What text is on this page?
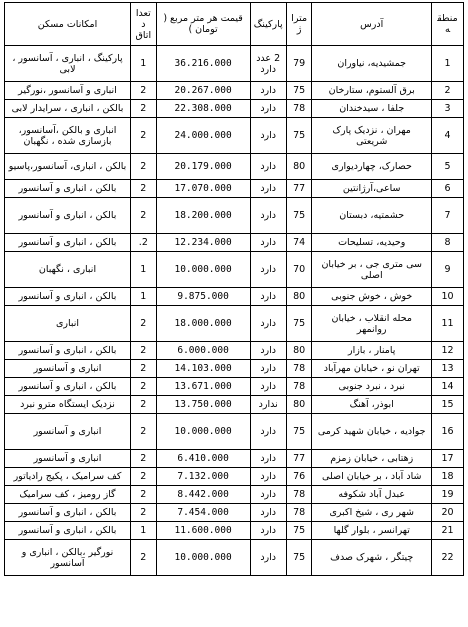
منطقه	آدرس	متراژ	پارکینگ	قیمت هر متر مربع ( تومان )	تعداد اتاق	امکانات مسکن
1	جمشیدیه، نیاوران	79	2 عدد دارد	36.216.000	1	پارکینگ ، انباری ، آسانسور ، لابی
2	برق آلستوم، ستارخان	75	دارد	20.267.000	2	انباری و آسانسور ،نورگیر
3	جلفا ، سیدخندان	78	دارد	22.308.000	2	بالکن ، انباری ، سرایدار لابی
4	مهران ، نزدیک پارک شریعتی	75	دارد	24.000.000	2	انباری و بالکن ،آسانسور، بازسازی شده ، نگهبان
5	حصارک، چهارديواری	80	دارد	20.179.000	2	بالکن ، انباری، آسانسور،پاسیو
6	ساعی،آرژانتین	77	دارد	17.070.000	2	بالکن ، انباری و آسانسور
7	حشمتیه، دبستان	75	دارد	18.200.000	2	بالکن ، انباری و آسانسور
8	وحیدیه، تسلیحات	74	دارد	12.234.000	2.	بالکن ، انباری و آسانسور
9	سی متری جی ، بر خیابان اصلی	70	دارد	10.000.000	1	انباری ، نگهبان
10	خوش ، خوش جنوبی	80	دارد	9.875.000	1	بالکن ، انباری و آسانسور
11	محله انقلاب ، خیابان روانمهر	75	دارد	18.000.000	2	انباری
12	پامنار ، بازار	80	دارد	6.000.000	2	بالکن ، انباری و آسانسور
13	تهران نو ، خیابان مهرآباد	78	دارد	14.103.000	2	انباری و آسانسور
14	نبرد ، نبرد جنوبی	78	دارد	13.671.000	2	بالکن ، انباری و آسانسور
15	ابوذر، آهنگ	80	ندارد	13.750.000	2	نزدیک ایستگاه مترو نبرد
16	جوادیه ، خیابان شهید کرمی	75	دارد	10.000.000	2	انباری و آسانسور
17	زهتابی ، خیابان زمزم	77	دارد	6.410.000	2	انباری و آسانسور
18	شاد آباد ، بر خیابان اصلی	76	دارد	7.132.000	2	کف سرامیک ، پکیج رادیاتور
19	عبدل آباد شکوفه	78	دارد	8.442.000	2	گاز رومیز ، کف سرامیک
20	شهر ری ، شیخ اکبری	78	دارد	7.454.000	2	بالکن ، انباری و آسانسور
21	تهرانسر ، بلوار گلها	75	دارد	11.600.000	1	بالکن ، انباری و آسانسور
22	چیتگر ، شهرک صدف	75	دارد	10.000.000	2	نورگیر ،بالکن ، انباری و آسانسور
